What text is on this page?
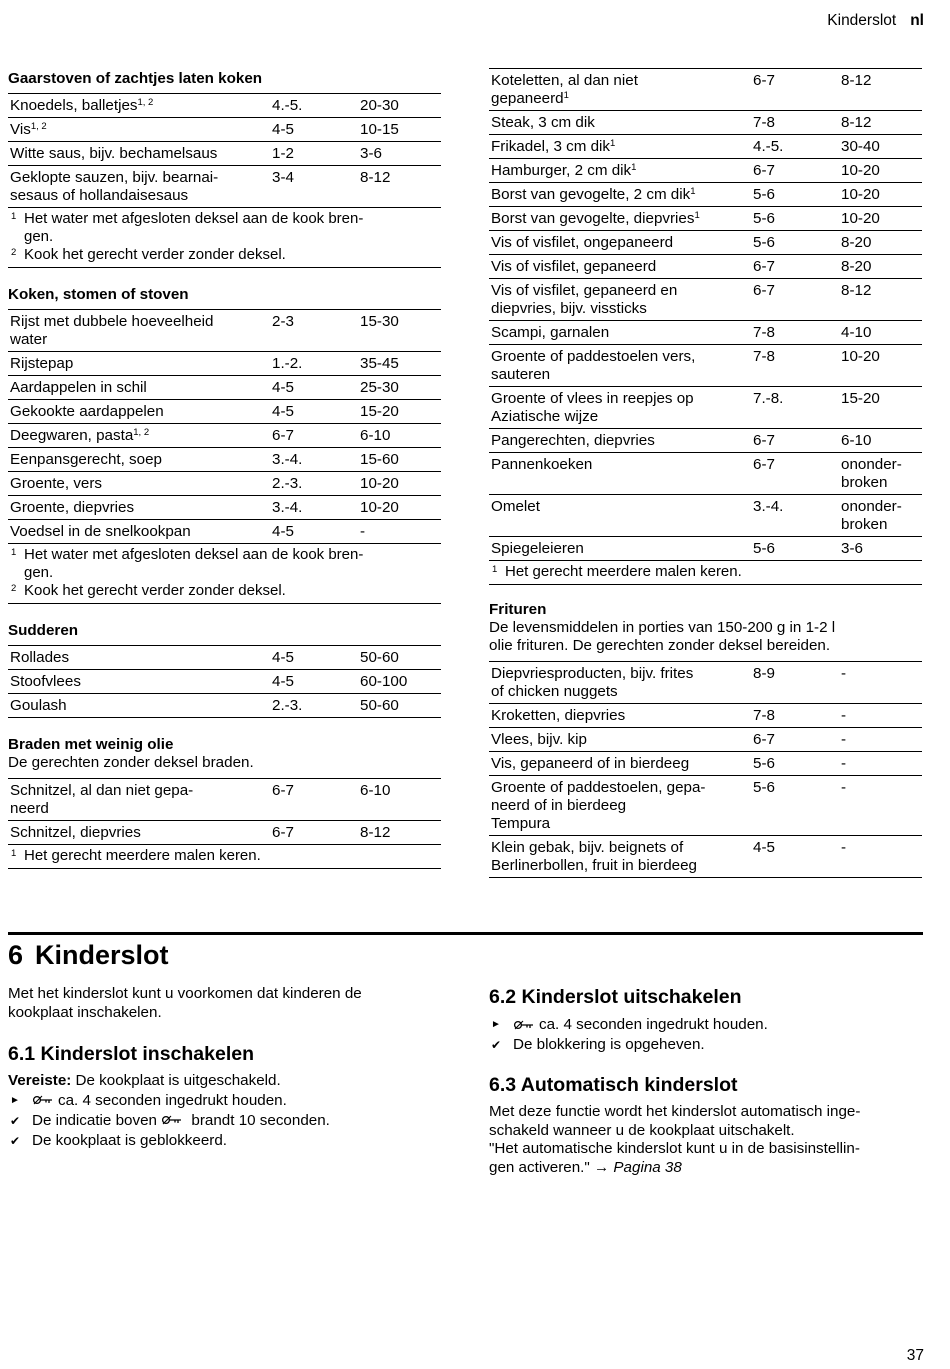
Kinderslot nl
Gaarstoven of zachtjes laten koken
Knoedels, balletjes$^{1, 2}$	4.-5.	20-30
Vis$^{1, 2}$	4-5	10-15
Witte saus, bijv. bechamelsaus	1-2	3-6
Geklopte sauzen, bijv. bearnai-
sesaus of hollandaisesaus	3-4	8-12
1 Het water met afgesloten deksel aan de kook bren-
gen.
2 Kook het gerecht verder zonder deksel.
Koken, stomen of stoven
Rijst met dubbele hoeveelheid
water	2-3	15-30
Rijstepap	1.-2.	35-45
Aardappelen in schil	4-5	25-30
Gekookte aardappelen	4-5	15-20
Deegwaren, pasta$^{1, 2}$	6-7	6-10
Eenpansgerecht, soep	3.-4.	15-60
Groente, vers	2.-3.	10-20
Groente, diepvries	3.-4.	10-20
Voedsel in de snelkookpan	4-5	-
1 Het water met afgesloten deksel aan de kook bren-
gen.
2 Kook het gerecht verder zonder deksel.
Sudderen
Rollades	4-5	50-60
Stoofvlees	4-5	60-100
Goulash	2.-3.	50-60
Braden met weinig olie

De gerechten zonder deksel braden.

Schnitzel, al dan niet gepa-
neerd	6-7	6-10
Schnitzel, diepvries	6-7	8-12
1 Het gerecht meerdere malen keren.
Koteletten, al dan niet
gepaneerd$^1$	6-7	8-12
Steak, 3 cm dik	7-8	8-12
Frikadel, 3 cm dik$^1$	4.-5.	30-40
Hamburger, 2 cm dik$^1$	6-7	10-20
Borst van gevogelte, 2 cm dik$^1$	5-6	10-20
Borst van gevogelte, diepvries$^1$	5-6	10-20
Vis of visfilet, ongepaneerd	5-6	8-20
Vis of visfilet, gepaneerd	6-7	8-20
Vis of visfilet, gepaneerd en
diepvries, bijv. vissticks	6-7	8-12
Scampi, garnalen	7-8	4-10
Groente of paddestoelen vers,
sauteren	7-8	10-20
Groente of vlees in reepjes op
Aziatische wijze	7.-8.	15-20
Pangerechten, diepvries	6-7	6-10
Pannenkoeken	6-7	ononder-
broken
Omelet	3.-4.	ononder-
broken
Spiegeleieren	5-6	3-6
1 Het gerecht meerdere malen keren.
Frituren

De levensmiddelen in porties van 150-200 g in 1-2 l
olie frituren. De gerechten zonder deksel bereiden.

Diepvriesproducten, bijv. frites
of chicken nuggets	8-9	-
Kroketten, diepvries	7-8	-
Vlees, bijv. kip	6-7	-
Vis, gepaneerd of in bierdeeg	5-6	-
Groente of paddestoelen, gepa-
neerd of in bierdeeg
Tempura	5-6	-
Klein gebak, bijv. beignets of
Berlinerbollen, fruit in bierdeeg	4-5	-
6 Kinderslot

Met het kinderslot kunt u voorkomen dat kinderen de
kookplaat inschakelen.

6.1 Kinderslot inschakelen
Vereiste: De kookplaat is uitgeschakeld.
►	ca. 4 seconden ingedrukt houden.
✔ De indicatie boven  brandt 10 seconden.
✔ De kookplaat is geblokkeerd.
6.2 Kinderslot uitschakelen
►	ca. 4 seconden ingedrukt houden.
✔ De blokkering is opgeheven.
6.3 Automatisch kinderslot

Met deze functie wordt het kinderslot automatisch inge-
schakeld wanneer u de kookplaat uitschakelt.
"Het automatische kinderslot kunt u in de basisinstellin-
gen activeren." → Pagina 38

37
